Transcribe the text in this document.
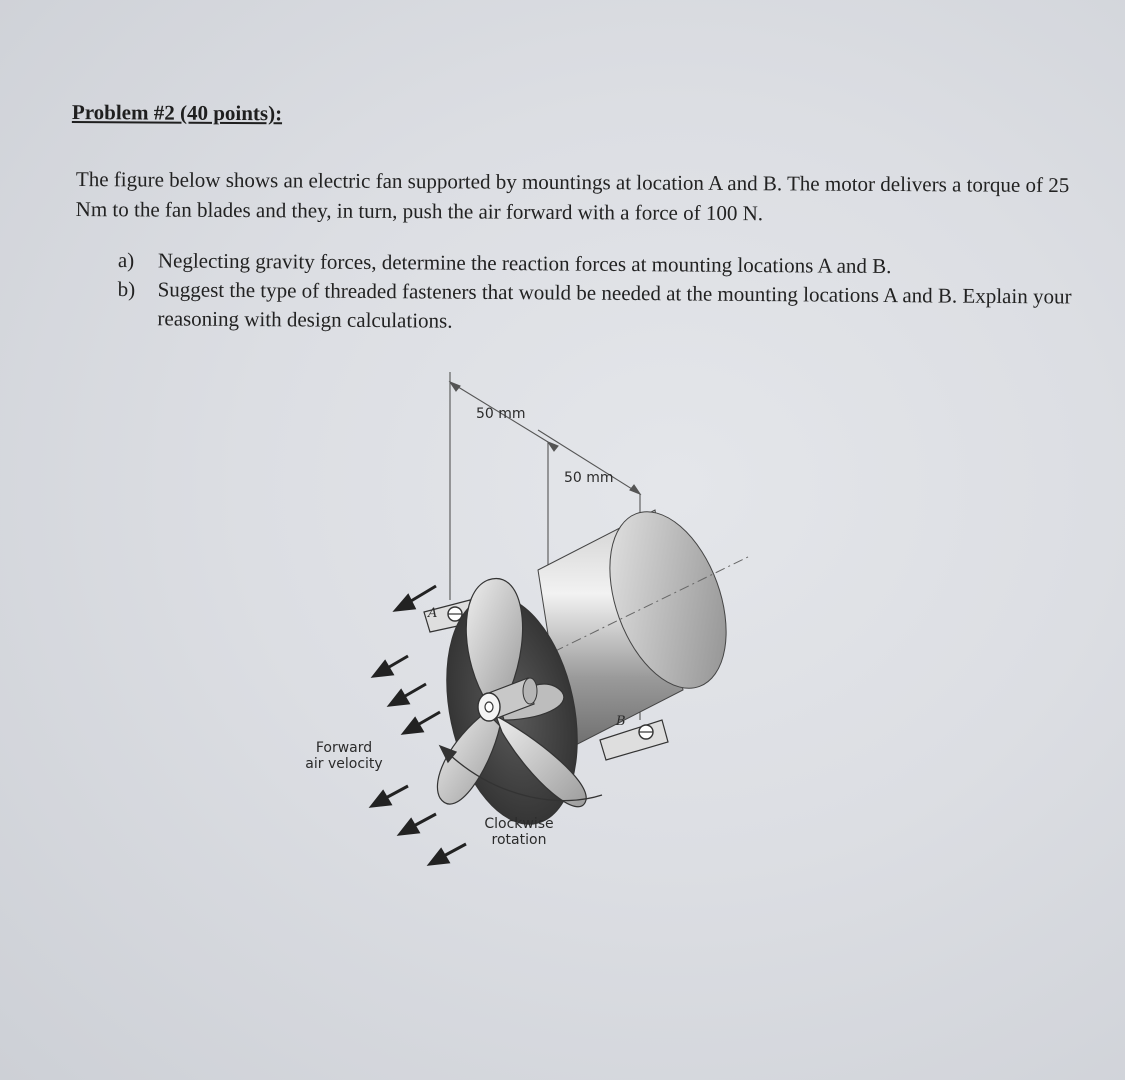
Problem #2 (40 points):

The figure below shows an electric fan supported by mountings at location A and B. The motor delivers a torque of 25 Nm to the fan blades and they, in turn, push the air forward with a force of 100 N.

a)	Neglecting gravity forces, determine the reaction forces at mounting locations A and B.
b)	Suggest the type of threaded fasteners that would be needed at the mounting locations A and B. Explain your reasoning with design calculations.
50 mm
50 mm
A
B
Forward
air velocity
Clockwise
rotation
